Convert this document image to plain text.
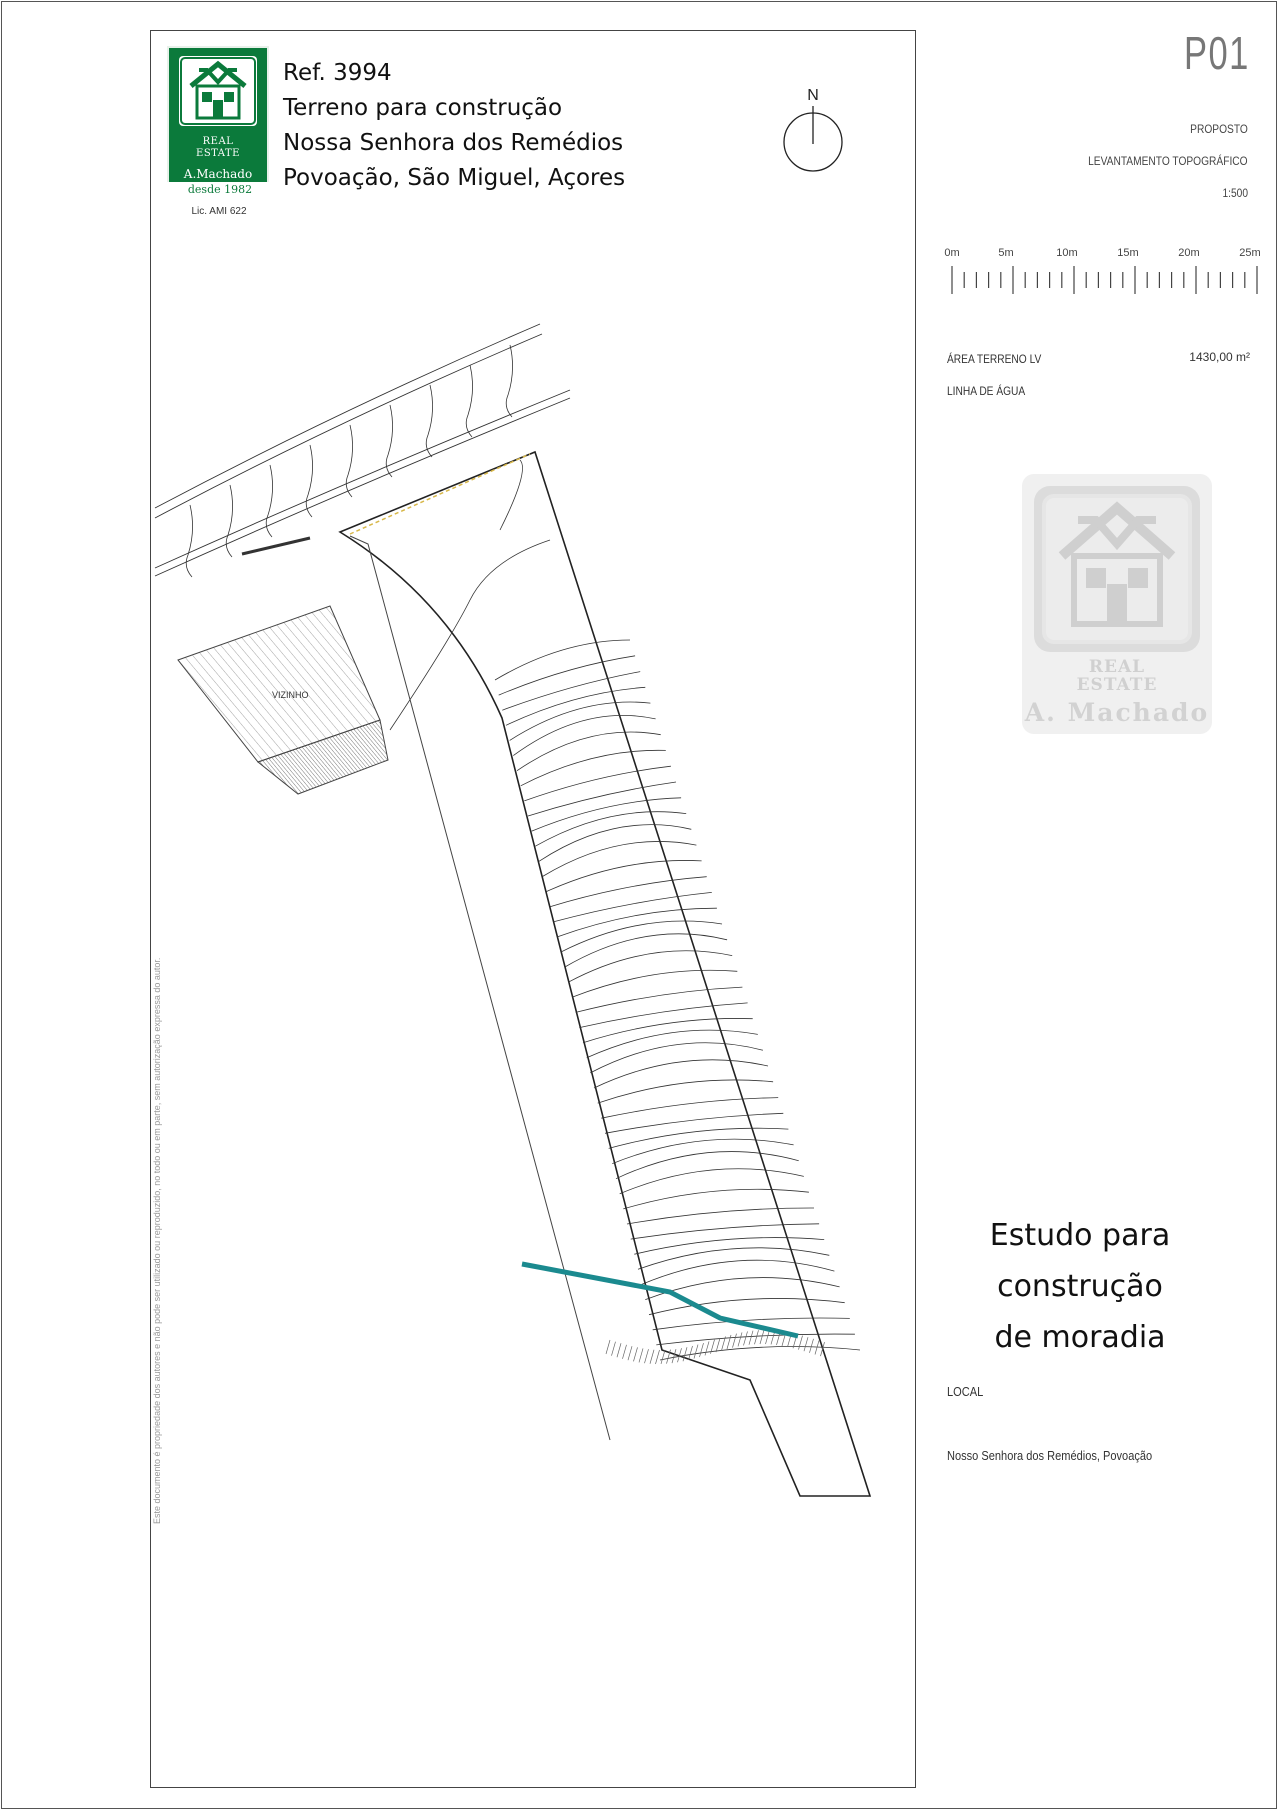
REAL
ESTATE
A.Machado
desde 1982
Lic. AMI 622
Ref. 3994
Terreno para construção
Nossa Senhora dos Remédios
Povoação, São Miguel, Açores
N
P01
PROPOSTO
LEVANTAMENTO TOPOGRÁFICO
1:500
0m	5m	10m	15m	20m	25m
ÁREA TERRENO LV	1430,00 m²
LINHA DE ÁGUA
REAL
ESTATE
A. Machado
Estudo para
construção
de moradia
LOCAL
Nosso Senhora dos Remédios, Povoação
Este documento é propriedade dos autores e não pode ser utilizado ou reproduzido, no todo ou em parte, sem autorização expressa do autor.
VIZINHO
